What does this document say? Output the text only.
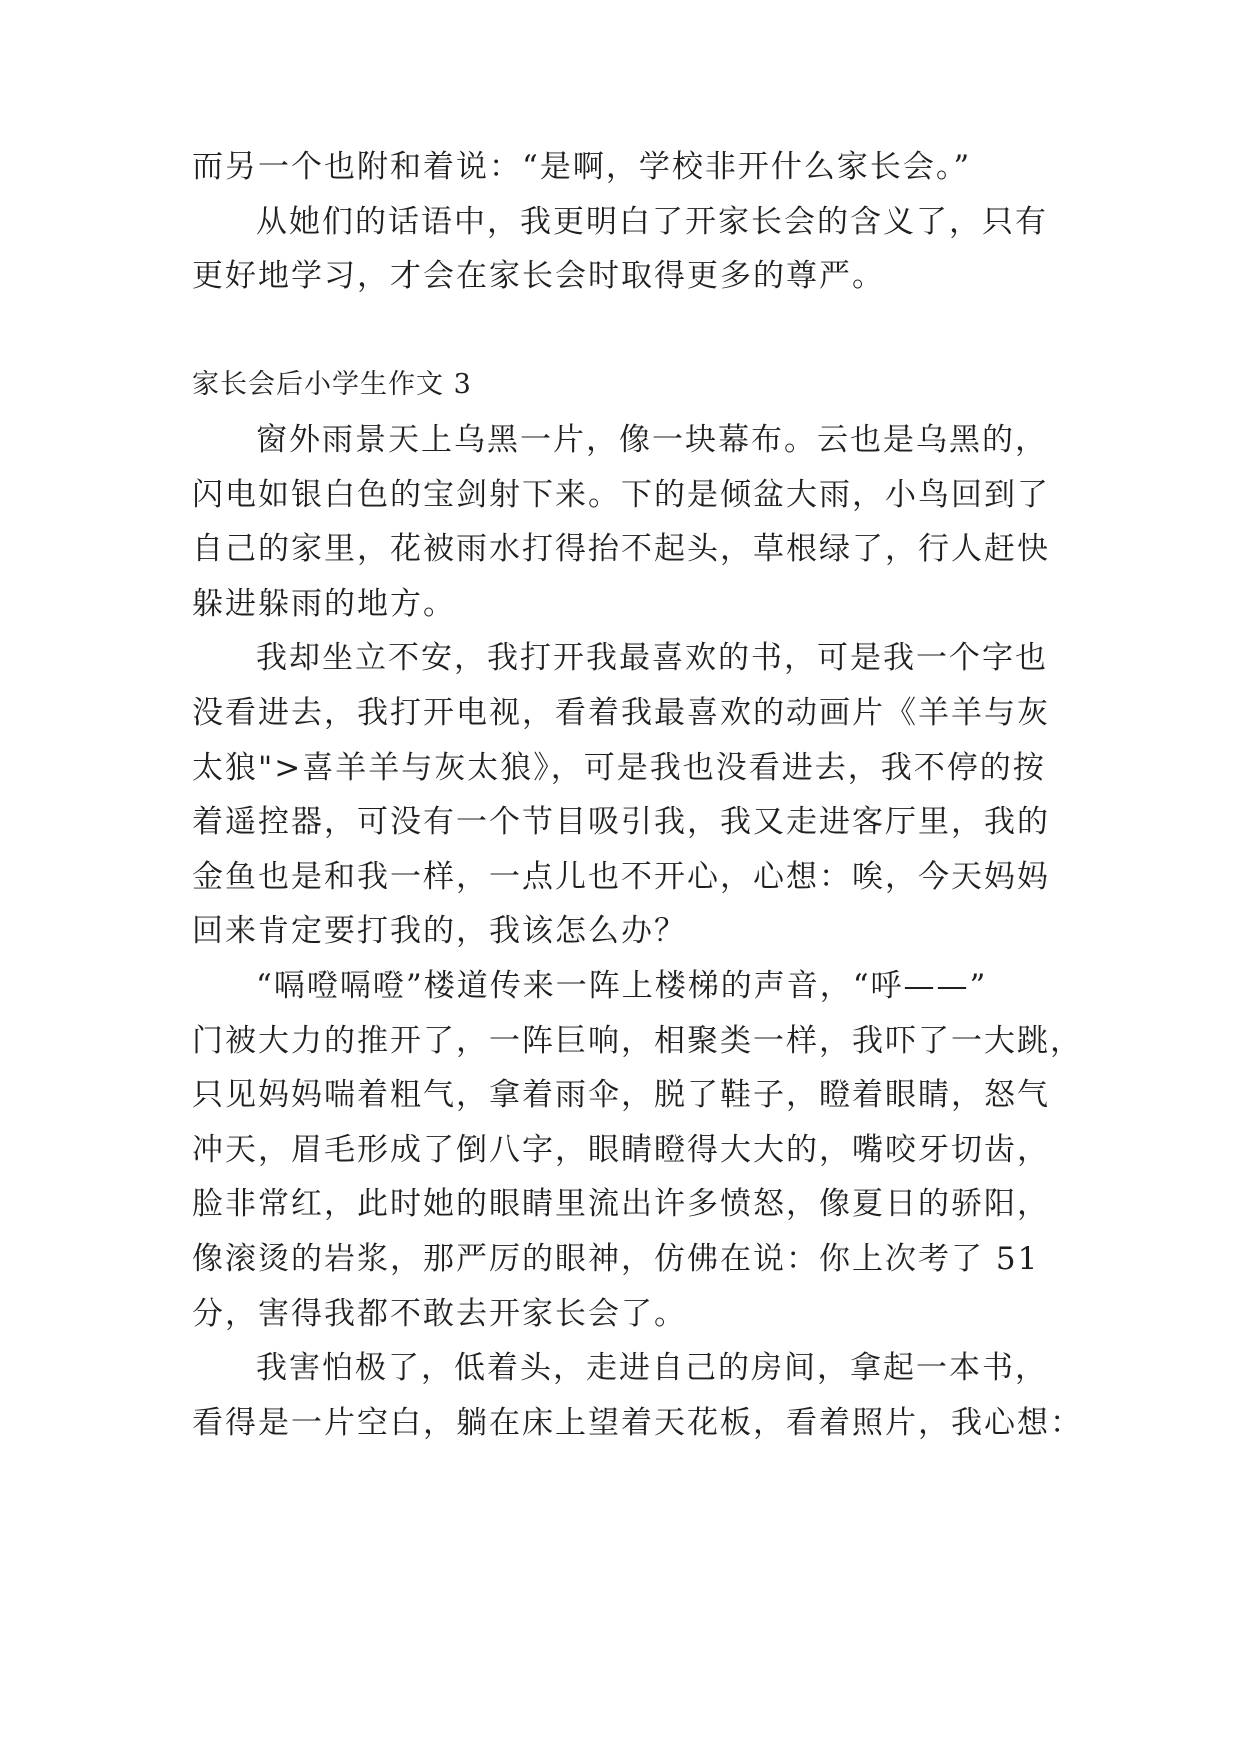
而另一个也附和着说：“是啊，学校非开什么家长会。”
从她们的话语中，我更明白了开家长会的含义了，只有
更好地学习，才会在家长会时取得更多的尊严。
家长会后小学生作文 3
窗外雨景天上乌黑一片，像一块幕布。云也是乌黑的，
闪电如银白色的宝剑射下来。下的是倾盆大雨，小鸟回到了
自己的家里，花被雨水打得抬不起头，草根绿了，行人赶快
躲进躲雨的地方。
我却坐立不安，我打开我最喜欢的书，可是我一个字也
没看进去，我打开电视，看着我最喜欢的动画片《羊羊与灰
太狼">喜羊羊与灰太狼》，可是我也没看进去，我不停的按
着遥控器，可没有一个节目吸引我，我又走进客厅里，我的
金鱼也是和我一样，一点儿也不开心，心想：唉，今天妈妈
回来肯定要打我的，我该怎么办？
“嗝噔嗝噔”楼道传来一阵上楼梯的声音，“呼——”
门被大力的推开了，一阵巨响，相聚类一样，我吓了一大跳，
只见妈妈喘着粗气，拿着雨伞，脱了鞋子，瞪着眼睛，怒气
冲天，眉毛形成了倒八字，眼睛瞪得大大的，嘴咬牙切齿，
脸非常红，此时她的眼睛里流出许多愤怒，像夏日的骄阳，
像滚烫的岩浆，那严厉的眼神，仿佛在说：你上次考了 51
分，害得我都不敢去开家长会了。
我害怕极了，低着头，走进自己的房间，拿起一本书，
看得是一片空白，躺在床上望着天花板，看着照片，我心想：
